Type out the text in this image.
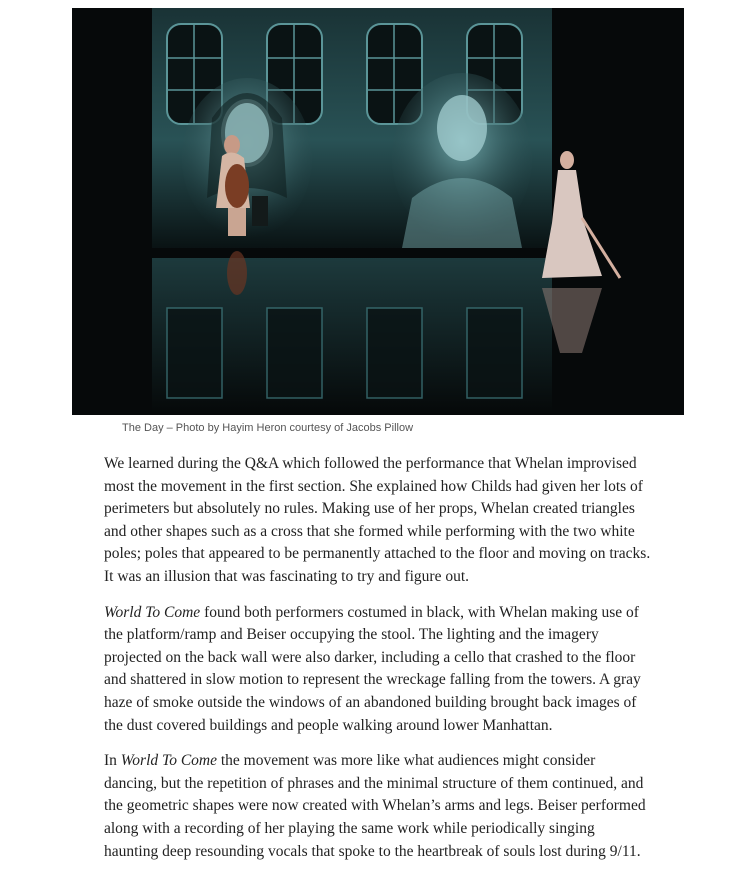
The Day – Photo by Hayim Heron courtesy of Jacobs Pillow

We learned during the Q&A which followed the performance that Whelan improvised most the movement in the first section. She explained how Childs had given her lots of perimeters but absolutely no rules. Making use of her props, Whelan created triangles and other shapes such as a cross that she formed while performing with the two white poles; poles that appeared to be permanently attached to the floor and moving on tracks. It was an illusion that was fascinating to try and figure out.

World To Come found both performers costumed in black, with Whelan making use of the platform/ramp and Beiser occupying the stool. The lighting and the imagery projected on the back wall were also darker, including a cello that crashed to the floor and shattered in slow motion to represent the wreckage falling from the towers. A gray haze of smoke outside the windows of an abandoned building brought back images of the dust covered buildings and people walking around lower Manhattan.

In World To Come the movement was more like what audiences might consider dancing, but the repetition of phrases and the minimal structure of them continued, and the geometric shapes were now created with Whelan’s arms and legs. Beiser performed along with a recording of her playing the same work while periodically singing haunting deep resounding vocals that spoke to the heartbreak of souls lost during 9/11.
